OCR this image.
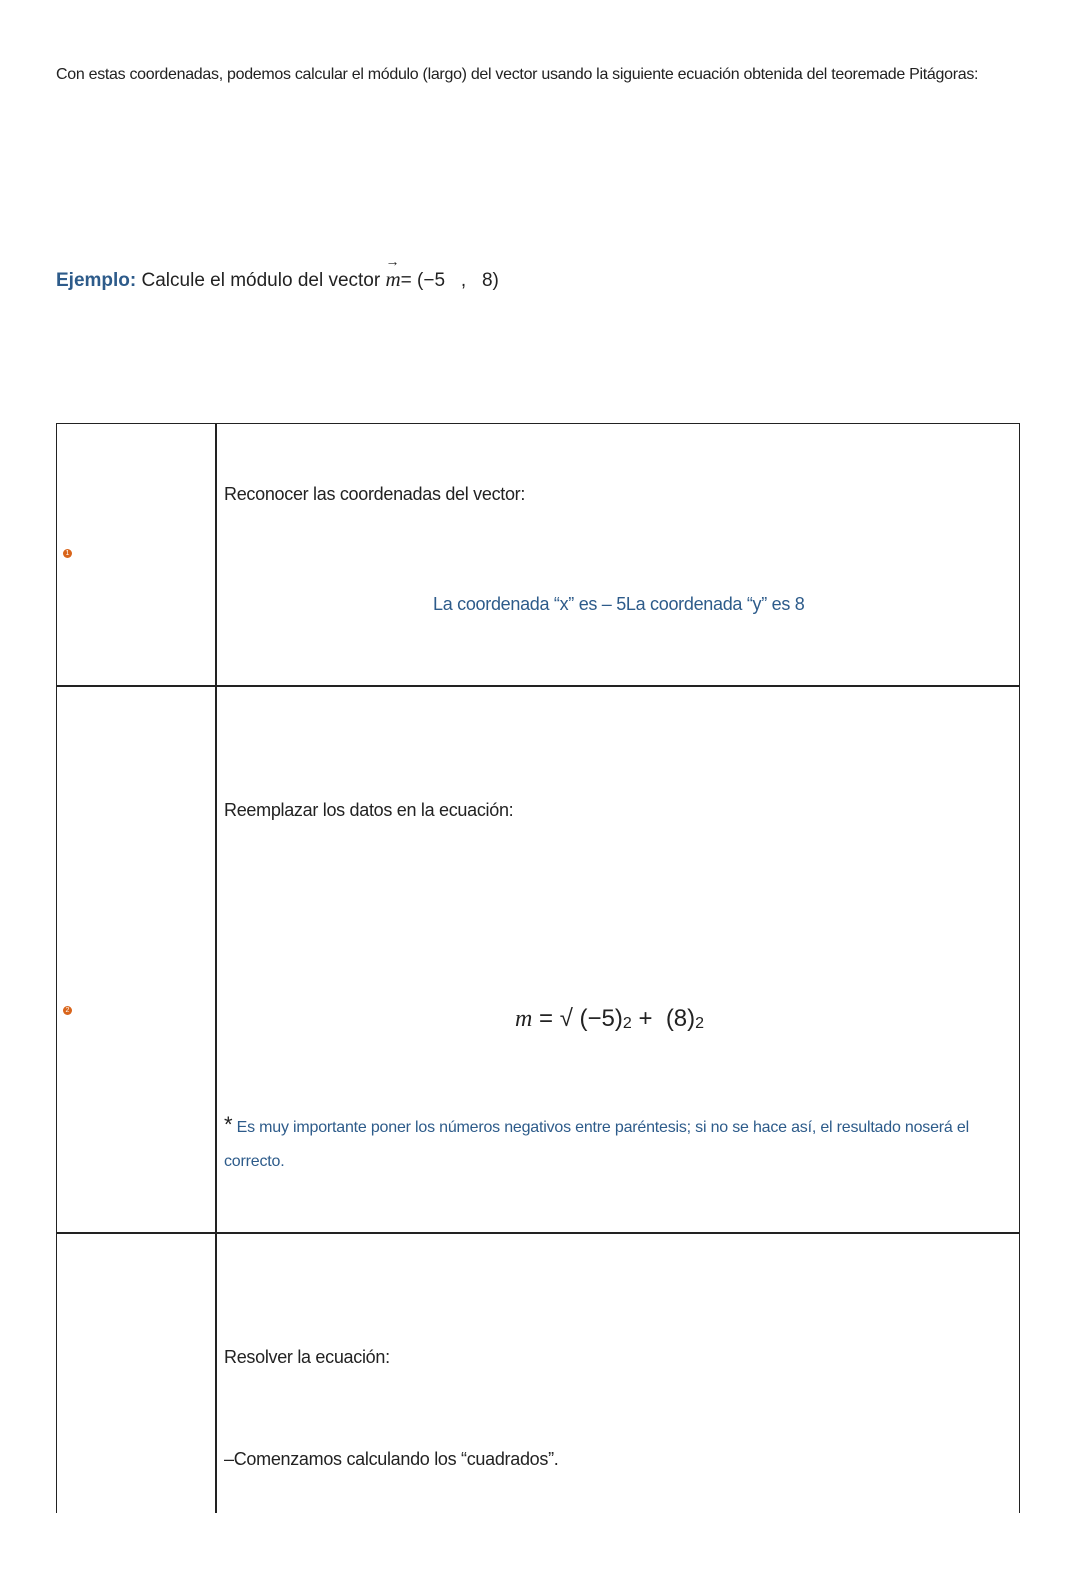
Con estas coordenadas, podemos calcular el módulo (largo) del vector usando la siguiente ecuación obtenida del teoremade Pitágoras:
Ejemplo: Calcule el módulo del vector → m= (−5   ,   8)
1
Reconocer las coordenadas del vector:
La coordenada “x” es – 5La coordenada “y” es 8
2
Reemplazar los datos en la ecuación:
m = √ $(-5)_2 + (8)_2$
* Es muy importante poner los números negativos entre paréntesis; si no se hace así, el resultado noserá el correcto.
Resolver la ecuación:
–Comenzamos calculando los “cuadrados”.
